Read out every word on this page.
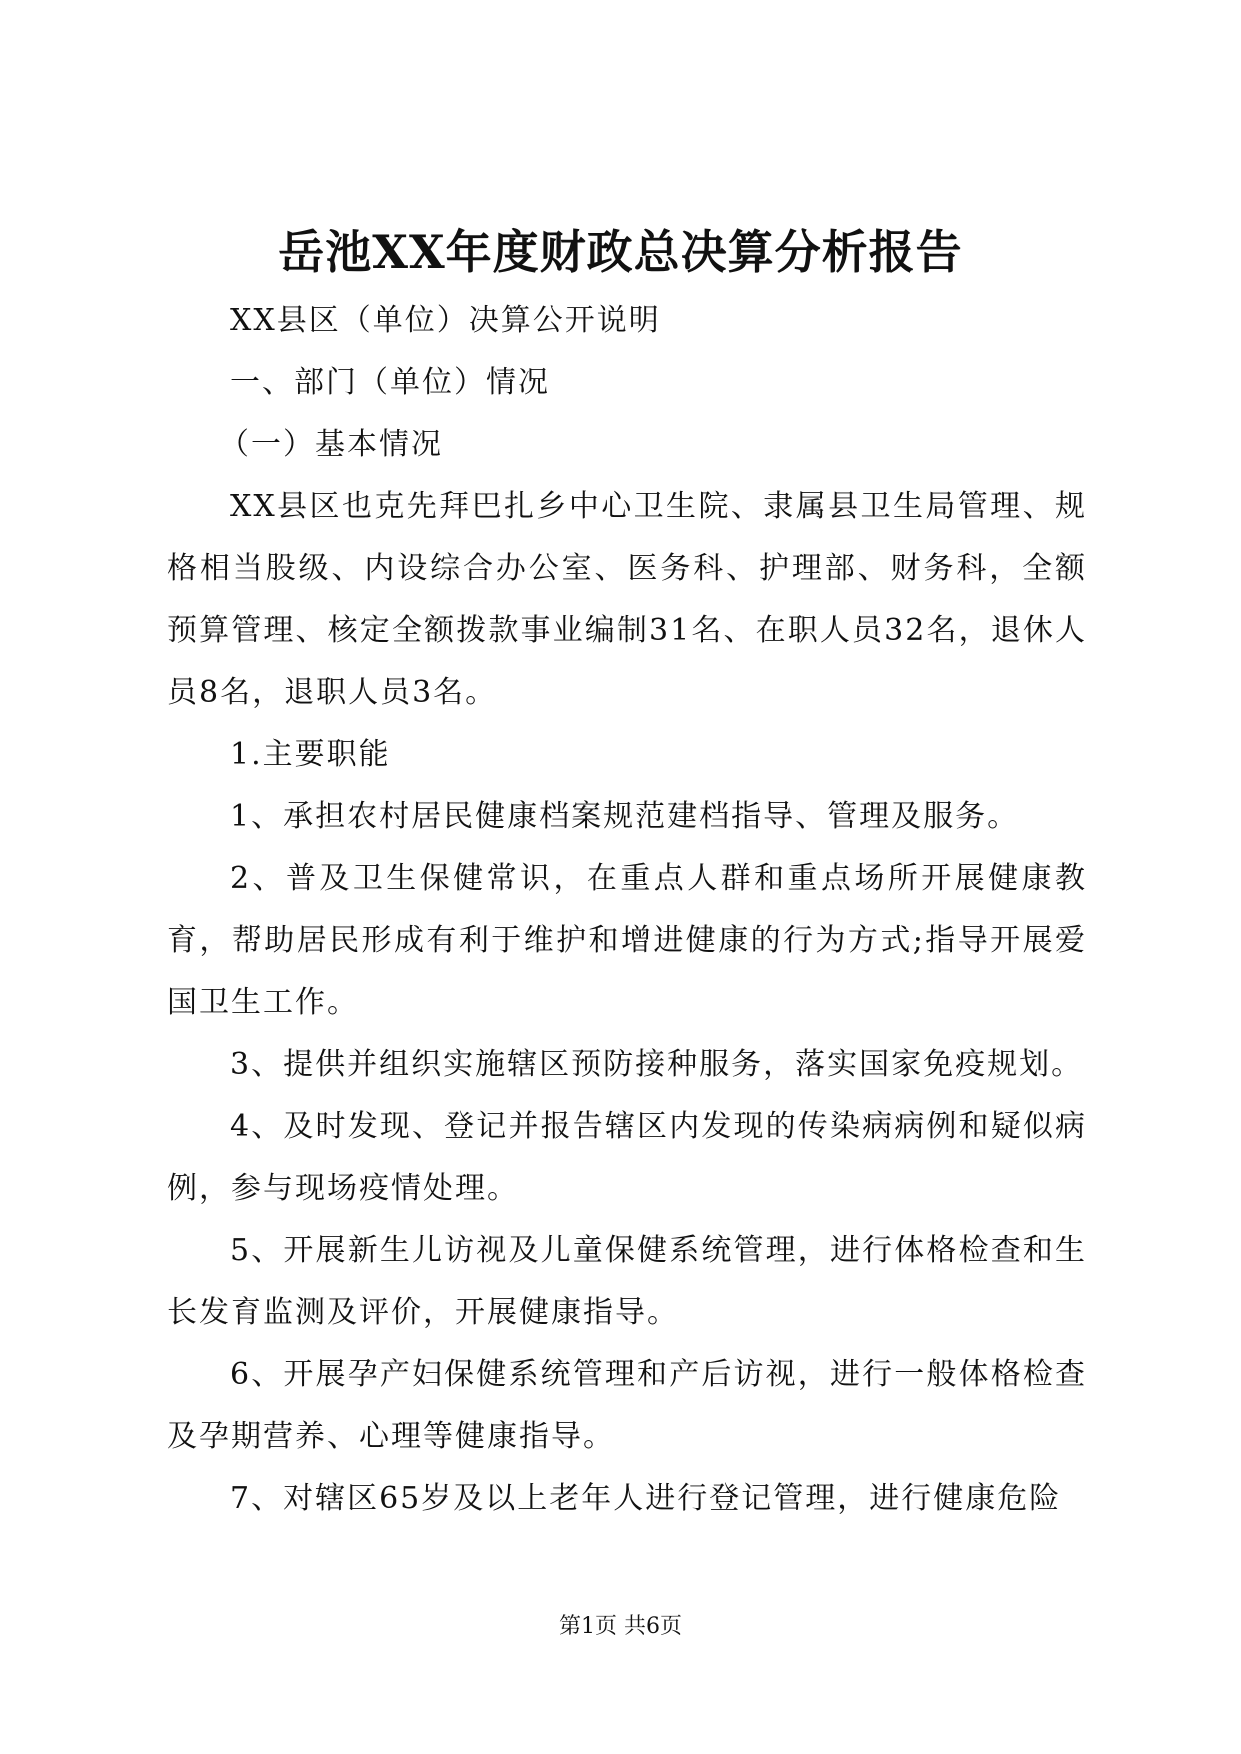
岳池XX年度财政总决算分析报告

XX县区（单位）决算公开说明

一、部门（单位）情况

（一）基本情况

XX县区也克先拜巴扎乡中心卫生院、隶属县卫生局管理、规格相当股级、内设综合办公室、医务科、护理部、财务科，全额预算管理、核定全额拨款事业编制31名、在职人员32名，退休人员8名，退职人员3名。

1.主要职能

1、承担农村居民健康档案规范建档指导、管理及服务。

2、普及卫生保健常识，在重点人群和重点场所开展健康教育，帮助居民形成有利于维护和增进健康的行为方式;指导开展爱国卫生工作。

3、提供并组织实施辖区预防接种服务，落实国家免疫规划。

4、及时发现、登记并报告辖区内发现的传染病病例和疑似病例，参与现场疫情处理。

5、开展新生儿访视及儿童保健系统管理，进行体格检查和生长发育监测及评价，开展健康指导。

6、开展孕产妇保健系统管理和产后访视，进行一般体格检查及孕期营养、心理等健康指导。

7、对辖区65岁及以上老年人进行登记管理，进行健康危险

第1页 共6页
